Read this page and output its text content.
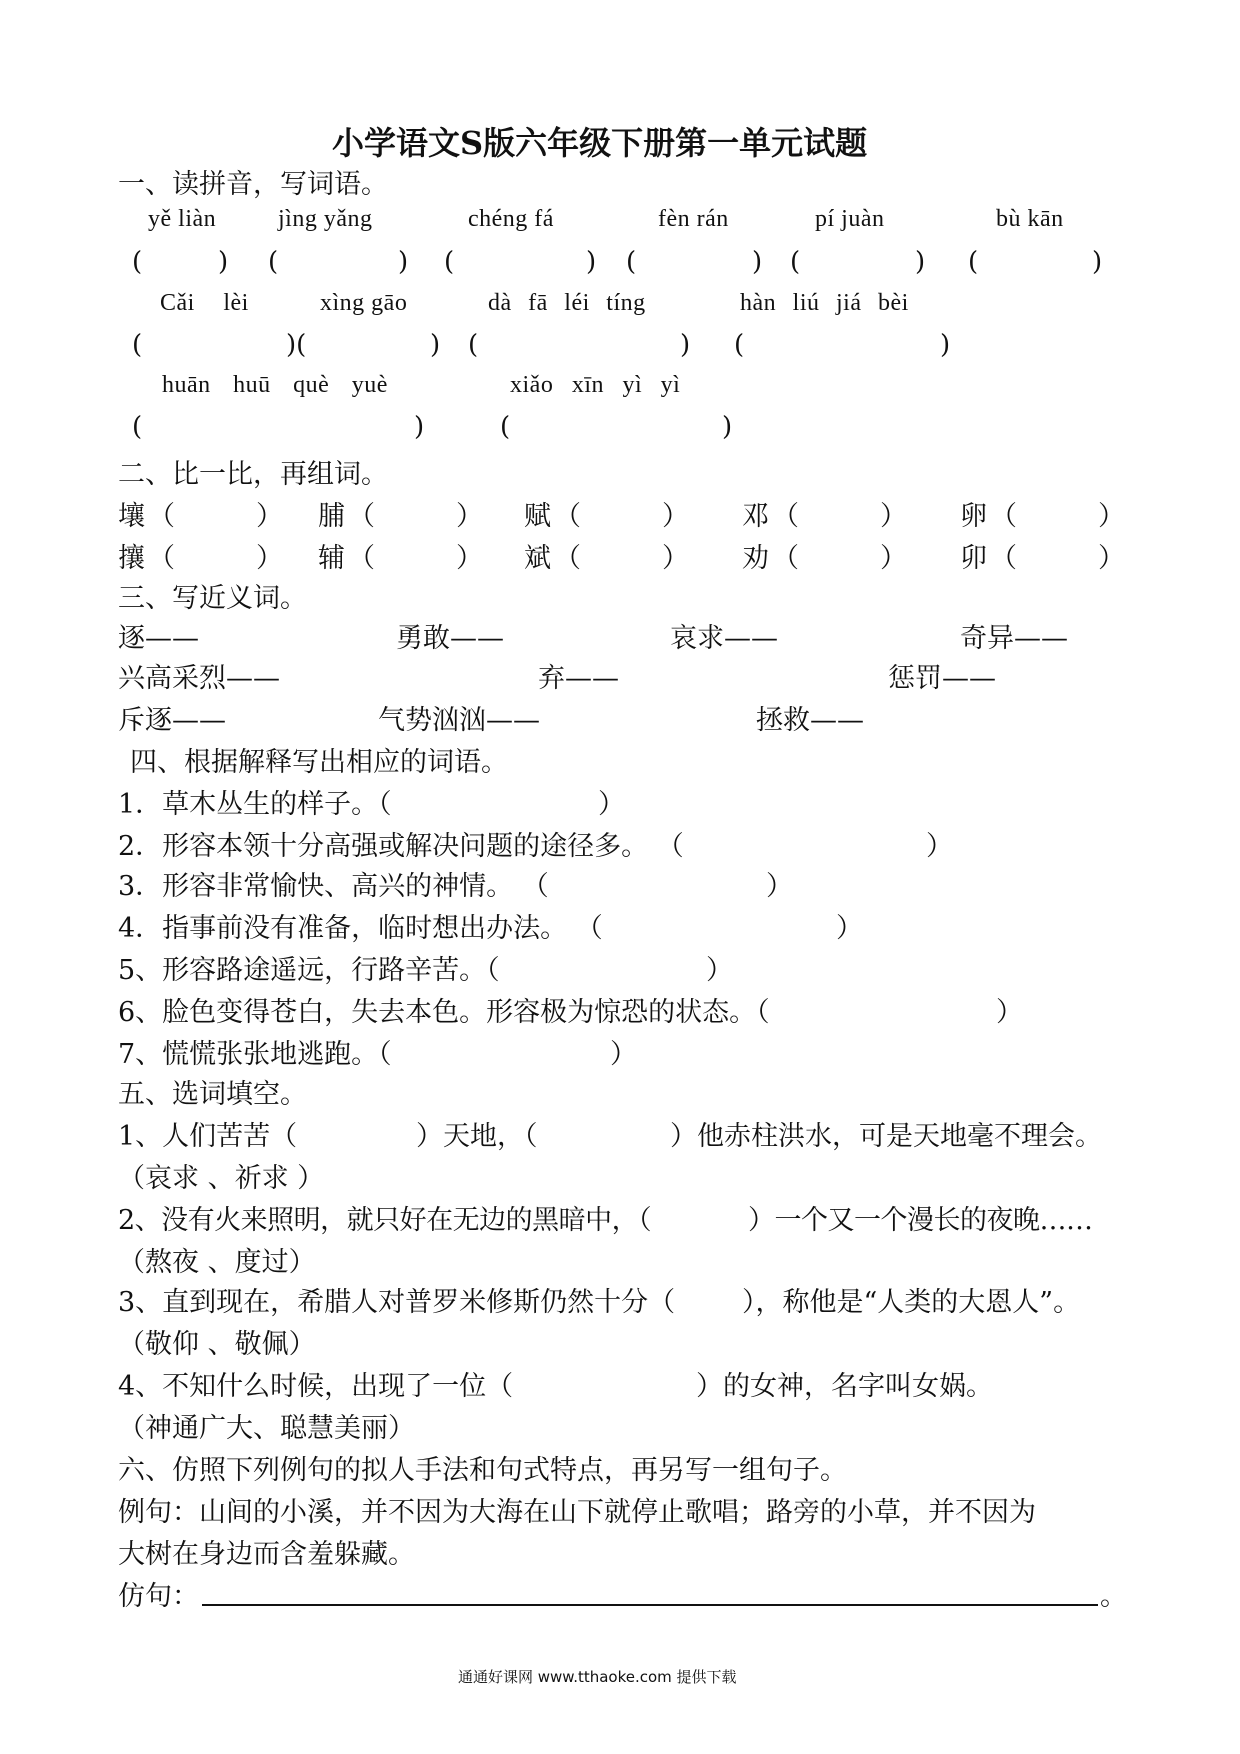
小学语文S版六年级下册第一单元试题
一、读拼音，写词语。
yě liàn	jìng yǎng	chéng fá	fèn rán	pí juàn	bù kān
(	) (	) (	) (	) (	) (	)
Cǎi lèi	xìng gāo	dà fā léi tíng	hàn liú jiá bèi
(	)(	) (	) (	)
huān huū què yuè	xiǎo xīn yì yì
(	)	(	)
二、比一比，再组词。
壤 （　　　） 脯 （　　　） 赋 （　　　） 邓 （　　　） 卵 （　　　）
攘 （　　　） 辅 （　　　） 斌 （　　　） 劝 （　　　） 卯 （　　　）
三、写近义词。
逐——	勇敢——	哀求——	奇异——
兴高采烈——	弃——	惩罚——
斥逐——	气势汹汹——	拯救——
四、根据解释写出相应的词语。
1．草木丛生的样子。（	）
2．形容本领十分高强或解决问题的途径多。 （	）
3．形容非常愉快、高兴的神情。 （	）
4．指事前没有准备，临时想出办法。 （	）
5、形容路途遥远，行路辛苦。（	）
6、脸色变得苍白，失去本色。形容极为惊恐的状态。（	）
7、慌慌张张地逃跑。（	）
五、选词填空。
1、人们苦苦（	）天地，（	）他赤柱洪水，可是天地毫不理会。
（哀求 、祈求 ）
2、没有火来照明，就只好在无边的黑暗中，（	）一个又一个漫长的夜晚……
（熬夜 、度过）
3、直到现在，希腊人对普罗米修斯仍然十分（ ），称他是“人类的大恩人”。
（敬仰 、敬佩）
4、不知什么时候，出现了一位（	）的女神，名字叫女娲。
（神通广大、聪慧美丽）
六、仿照下列例句的拟人手法和句式特点，再另写一组句子。
例句：山间的小溪，并不因为大海在山下就停止歌唱；路旁的小草，并不因为
大树在身边而含羞躲藏。
仿句：	。
通通好课网 www.tthaoke.com 提供下载
